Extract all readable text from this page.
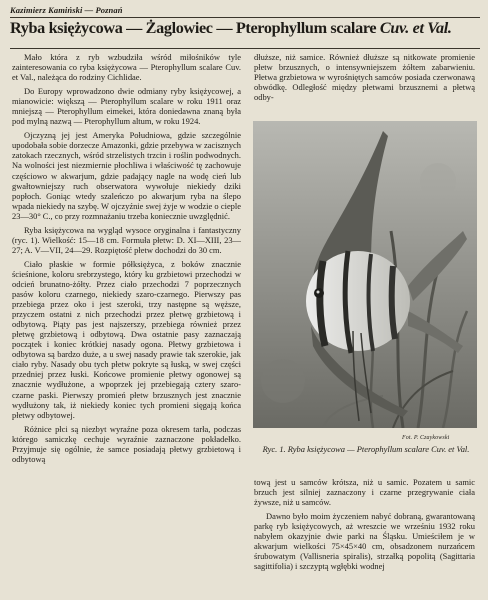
Kazimierz Kamiński — Poznań
Ryba księżycowa — Żaglowiec — Pterophyllum scalare Cuv. et Val.

Mało która z ryb wzbudziła wśród miłośników tyle zainteresowania co ryba księżycowa — Pterophyllum scalare Cuv. et Val., należąca do rodziny Cichlidae.

Do Europy wprowadzono dwie odmiany ryby księżycowej, a mianowicie: większą — Pterophyllum scalare w roku 1911 oraz mniejszą — Pterophyllum eimekei, która doniedawna znaną była pod mylną nazwą — Pterophyllum altum, w roku 1924.

Ojczyzną jej jest Ameryka Południowa, gdzie szczególnie upodobała sobie dorzecze Amazonki, gdzie przebywa w zacisznych zatokach rzecznych, wśród strzelistych trzcin i roślin podwodnych. Na wolności jest niezmiernie płochliwa i właściwość tę zachowuje częściowo w akwarjum, gdzie padający nagle na wodę cień lub gwałtowniejszy ruch obserwatora wywołuje niekiedy dziki popłoch. Goniąc wtedy szaleńczo po akwarjum ryba na ślepo wpada niekiedy na szybę. W ojczyźnie swej żyje w wodzie o cieple 23—30° C., co przy rozmnażaniu trzeba koniecznie uwzględnić.

Ryba księżycowa na wygląd wysoce oryginalna i fantastyczny (ryc. 1). Wielkość: 15—18 cm. Formuła płetw: D. XI—XIII, 23—27; A. V—VII, 24—29. Rozpiętość płetw dochodzi do 30 cm.

Ciało płaskie w formie półksiężyca, z boków znacznie ścieśnione, koloru srebrzystego, który ku grzbietowi przechodzi w odcień brunatno-żółty. Przez ciało przechodzi 7 poprzecznych pasów koloru czarnego, niekiedy szaro-czarnego. Pierwszy pas przebiega przez oko i jest szeroki, trzy następne są węższe, przyczem ostatni z nich przechodzi przez płetwę grzbietową i odbytową. Piąty pas jest najszerszy, przebiega również przez płetwę grzbietową i odbytową. Dwa ostatnie pasy zaznaczają początek i koniec krótkiej nasady ogona. Płetwy grzbietowa i odbytowa są bardzo duże, a u swej nasady prawie tak szerokie, jak ciało ryby. Nasady obu tych płetw pokryte są łuską, w swej części przedniej przez łuski. Końcowe promienie płetwy ogonowej są znacznie wydłużone, a wpoprzek jej przebiegają cztery szaro-czarne paski. Pierwszy promień płetw brzusznych jest znacznie wydłużony tak, iż niekiedy koniec tych promieni sięgają końca płetwy odbytowej.

Różnice płci są niezbyt wyraźne poza okresem tarła, podczas którego samiczkę cechuje wyraźnie zaznaczone pokładełko. Przyjmuje się ogólnie, że samce posiadają płetwy grzbietową i odbytową

dłuższe, niż samice. Również dłuższe są nitkowate promienie płetw brzusznych, o intensywniejszem żółtem zabarwieniu. Płetwa grzbietowa w wyrośniętych samców posiada czerwonawą obwódkę. Odległość między płetwami brzusznemi a płetwą odby-

Fot. P. Czaykowski
Ryc. 1. Ryba księżycowa — Pterophyllum scalare Cuv. et Val.

tową jest u samców krótsza, niż u samic. Pozatem u samic brzuch jest silniej zaznaczony i czarne przegrywanie ciała żywsze, niż u samców.

Dawno było moim życzeniem nabyć dobraną, gwarantowaną parkę ryb księżycowych, aż wreszcie we wrześniu 1932 roku nabyłem okazyjnie dwie parki na Śląsku. Umieściłem je w akwarjum wielkości 75×45×40 cm, obsadzonem nurzańcem śrubowatym (Vallisneria spiralis), strzałką popolitą (Sagittaria sagittifolia) i szczyptą wgłębki wodnej
